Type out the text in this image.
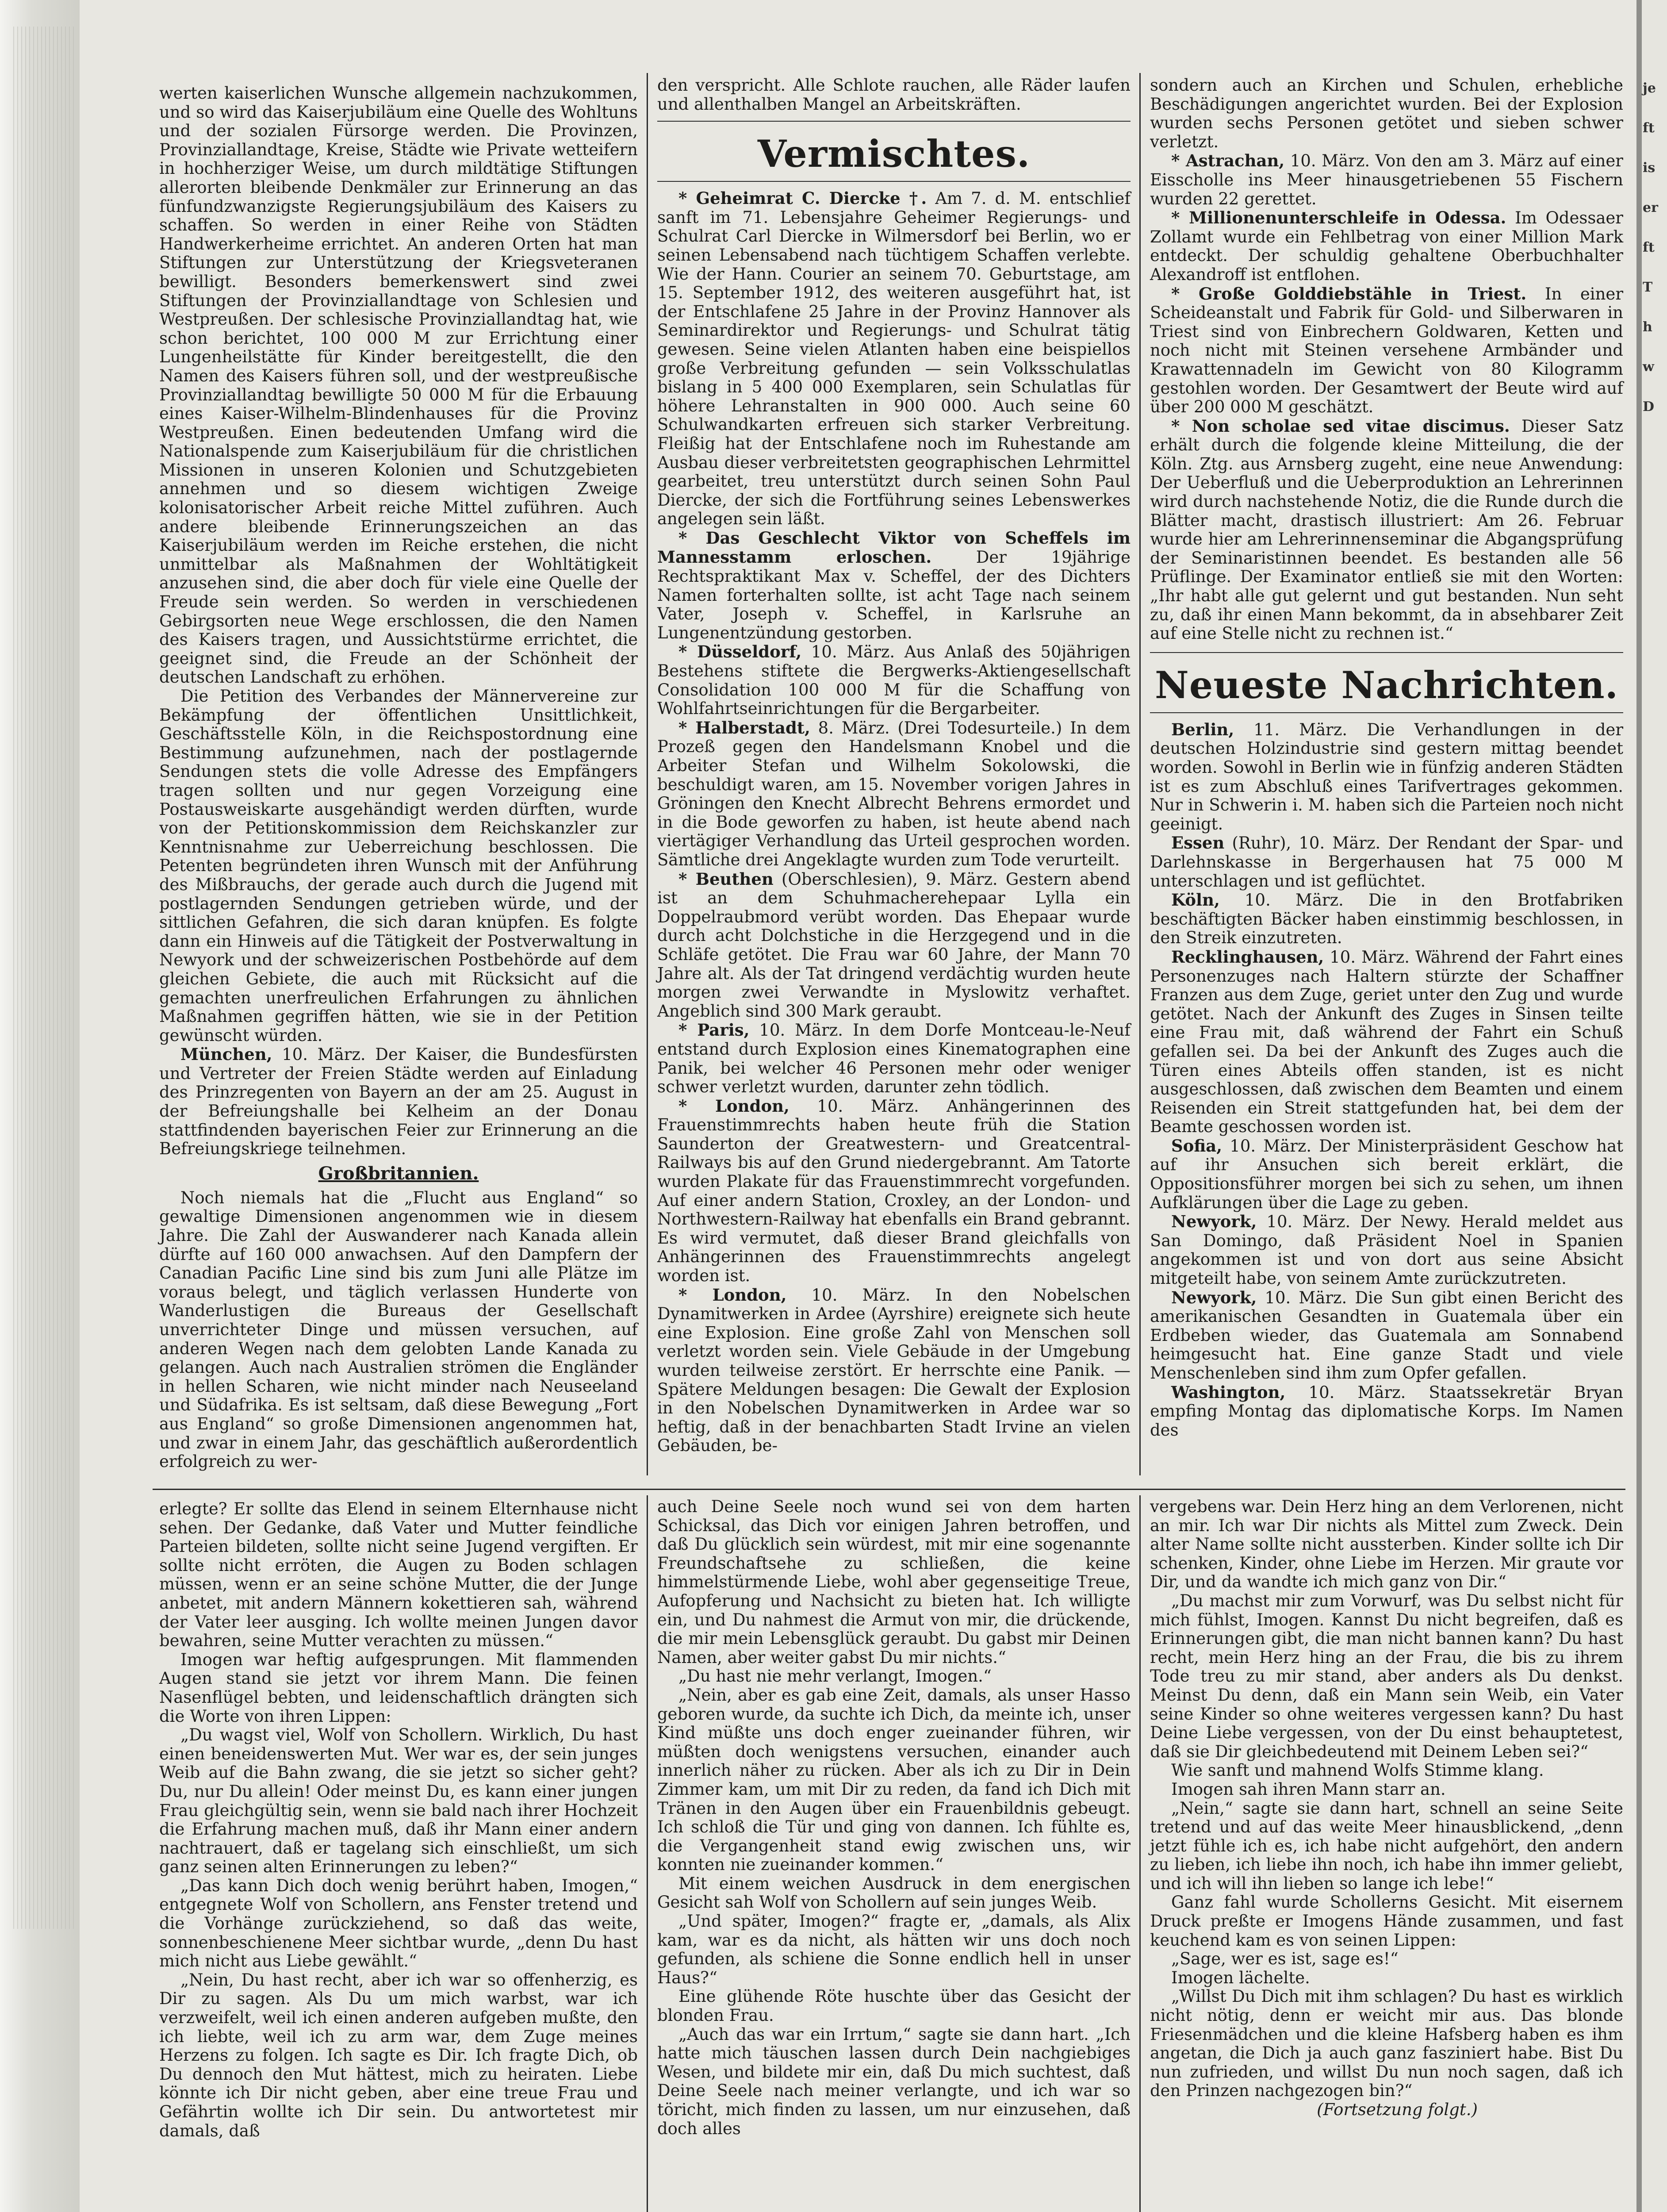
werten kaiserlichen Wunsche allgemein nachzukommen, und so wird das Kaiserjubiläum eine Quelle des Wohltuns und der sozialen Fürsorge werden. Die Provinzen, Provinziallandtage, Kreise, Städte wie Private wetteifern in hochherziger Weise, um durch mildtätige Stiftungen allerorten bleibende Denkmäler zur Erinnerung an das fünfundzwanzigste Regierungsjubiläum des Kaisers zu schaffen. So werden in einer Reihe von Städten Handwerkerheime errichtet. An anderen Orten hat man Stiftungen zur Unterstützung der Kriegsveteranen bewilligt. Besonders bemerkenswert sind zwei Stiftungen der Provinziallandtage von Schlesien und Westpreußen. Der schlesische Provinziallandtag hat, wie schon berichtet, 100 000 M zur Errichtung einer Lungenheilstätte für Kinder bereitgestellt, die den Namen des Kaisers führen soll, und der westpreußische Provinziallandtag bewilligte 50 000 M für die Erbauung eines Kaiser-Wilhelm-Blindenhauses für die Provinz Westpreußen. Einen bedeutenden Umfang wird die Nationalspende zum Kaiserjubiläum für die christlichen Missionen in unseren Kolonien und Schutzgebieten annehmen und so diesem wichtigen Zweige kolonisatorischer Arbeit reiche Mittel zuführen. Auch andere bleibende Erinnerungszeichen an das Kaiserjubiläum werden im Reiche erstehen, die nicht unmittelbar als Maßnahmen der Wohltätigkeit anzusehen sind, die aber doch für viele eine Quelle der Freude sein werden. So werden in verschiedenen Gebirgsorten neue Wege erschlossen, die den Namen des Kaisers tragen, und Aussichtstürme errichtet, die geeignet sind, die Freude an der Schönheit der deutschen Landschaft zu erhöhen.

Die Petition des Verbandes der Männervereine zur Bekämpfung der öffentlichen Unsittlichkeit, Geschäftsstelle Köln, in die Reichspostordnung eine Bestimmung aufzunehmen, nach der postlagernde Sendungen stets die volle Adresse des Empfängers tragen sollten und nur gegen Vorzeigung eine Postausweiskarte ausgehändigt werden dürften, wurde von der Petitionskommission dem Reichskanzler zur Kenntnisnahme zur Ueberreichung beschlossen. Die Petenten begründeten ihren Wunsch mit der Anführung des Mißbrauchs, der gerade auch durch die Jugend mit postlagernden Sendungen getrieben würde, und der sittlichen Gefahren, die sich daran knüpfen. Es folgte dann ein Hinweis auf die Tätigkeit der Postverwaltung in Newyork und der schweizerischen Postbehörde auf dem gleichen Gebiete, die auch mit Rücksicht auf die gemachten unerfreulichen Erfahrungen zu ähnlichen Maßnahmen gegriffen hätten, wie sie in der Petition gewünscht würden.

München, 10. März. Der Kaiser, die Bundesfürsten und Vertreter der Freien Städte werden auf Einladung des Prinzregenten von Bayern an der am 25. August in der Befreiungshalle bei Kelheim an der Donau stattfindenden bayerischen Feier zur Erinnerung an die Befreiungskriege teilnehmen.

Großbritannien.

Noch niemals hat die „Flucht aus England“ so gewaltige Dimensionen angenommen wie in diesem Jahre. Die Zahl der Auswanderer nach Kanada allein dürfte auf 160 000 anwachsen. Auf den Dampfern der Canadian Pacific Line sind bis zum Juni alle Plätze im voraus belegt, und täglich verlassen Hunderte von Wanderlustigen die Bureaus der Gesellschaft unverrichteter Dinge und müssen versuchen, auf anderen Wegen nach dem gelobten Lande Kanada zu gelangen. Auch nach Australien strömen die Engländer in hellen Scharen, wie nicht minder nach Neuseeland und Südafrika. Es ist seltsam, daß diese Bewegung „Fort aus England“ so große Dimensionen angenommen hat, und zwar in einem Jahr, das geschäftlich außerordentlich erfolgreich zu wer-

den verspricht. Alle Schlote rauchen, alle Räder laufen und allenthalben Mangel an Arbeitskräften.

Vermischtes.

* Geheimrat C. Diercke †. Am 7. d. M. entschlief sanft im 71. Lebensjahre Geheimer Regierungs- und Schulrat Carl Diercke in Wilmersdorf bei Berlin, wo er seinen Lebensabend nach tüchtigem Schaffen verlebte. Wie der Hann. Courier an seinem 70. Geburtstage, am 15. September 1912, des weiteren ausgeführt hat, ist der Entschlafene 25 Jahre in der Provinz Hannover als Seminardirektor und Regierungs- und Schulrat tätig gewesen. Seine vielen Atlanten haben eine beispiellos große Verbreitung gefunden — sein Volksschulatlas bislang in 5 400 000 Exemplaren, sein Schulatlas für höhere Lehranstalten in 900 000. Auch seine 60 Schulwandkarten erfreuen sich starker Verbreitung. Fleißig hat der Entschlafene noch im Ruhestande am Ausbau dieser verbreitetsten geographischen Lehrmittel gearbeitet, treu unterstützt durch seinen Sohn Paul Diercke, der sich die Fortführung seines Lebenswerkes angelegen sein läßt.

* Das Geschlecht Viktor von Scheffels im Mannesstamm erloschen.	Der 19jährige Rechtspraktikant Max v. Scheffel, der des Dichters Namen forterhalten sollte, ist acht Tage nach seinem Vater, Joseph v. Scheffel, in Karlsruhe an Lungenentzündung gestorben.

* Düsseldorf, 10. März. Aus Anlaß des 50jährigen Bestehens stiftete die Bergwerks-Aktiengesellschaft Consolidation 100 000 M für die Schaffung von Wohlfahrtseinrichtungen für die Bergarbeiter.

* Halberstadt, 8. März. (Drei Todesurteile.) In dem Prozeß gegen den Handelsmann Knobel und die Arbeiter Stefan und Wilhelm Sokolowski, die beschuldigt waren, am 15. November vorigen Jahres in Gröningen den Knecht Albrecht Behrens ermordet und in die Bode geworfen zu haben, ist heute abend nach viertägiger Verhandlung das Urteil gesprochen worden. Sämtliche drei Angeklagte wurden zum Tode verurteilt.

* Beuthen (Oberschlesien), 9. März. Gestern abend ist an dem Schuhmacherehepaar Lylla ein Doppelraubmord verübt worden. Das Ehepaar wurde durch acht Dolchstiche in die Herzgegend und in die Schläfe getötet. Die Frau war 60 Jahre, der Mann 70 Jahre alt. Als der Tat dringend verdächtig wurden heute morgen zwei Verwandte in Myslowitz verhaftet. Angeblich sind 300 Mark geraubt.

* Paris, 10. März. In dem Dorfe Montceau-le-Neuf entstand durch Explosion eines Kinematographen eine Panik, bei welcher 46 Personen mehr oder weniger schwer verletzt wurden, darunter zehn tödlich.

* London, 10. März. Anhängerinnen des Frauenstimmrechts haben heute früh die Station Saunderton der Greatwestern- und Greatcentral-Railways bis auf den Grund niedergebrannt. Am Tatorte wurden Plakate für das Frauenstimmrecht vorgefunden. Auf einer andern Station, Croxley, an der London- und Northwestern-Railway hat ebenfalls ein Brand gebrannt. Es wird vermutet, daß dieser Brand gleichfalls von Anhängerinnen des Frauenstimmrechts angelegt worden ist.

* London, 10. März. In den Nobelschen Dynamitwerken in Ardee (Ayrshire) ereignete sich heute eine Explosion. Eine große Zahl von Menschen soll verletzt worden sein. Viele Gebäude in der Umgebung wurden teilweise zerstört. Er herrschte eine Panik. — Spätere Meldungen besagen: Die Gewalt der Explosion in den Nobelschen Dynamitwerken in Ardee war so heftig, daß in der benachbarten Stadt Irvine an vielen Gebäuden, be-

sondern auch an Kirchen und Schulen, erhebliche Beschädigungen angerichtet wurden. Bei der Explosion wurden sechs Personen getötet und sieben schwer verletzt.

* Astrachan, 10. März. Von den am 3. März auf einer Eisscholle ins Meer hinausgetriebenen 55 Fischern wurden 22 gerettet.

* Millionenunterschleife in Odessa. Im Odessaer Zollamt wurde ein Fehlbetrag von einer Million Mark entdeckt. Der schuldig gehaltene Oberbuchhalter Alexandroff ist entflohen.

* Große Golddiebstähle in Triest. In einer Scheideanstalt und Fabrik für Gold- und Silberwaren in Triest sind von Einbrechern Goldwaren, Ketten und noch nicht mit Steinen versehene Armbänder und Krawattennadeln im Gewicht von 80 Kilogramm gestohlen worden. Der Gesamtwert der Beute wird auf über 200 000 M geschätzt.

* Non scholae sed vitae discimus. Dieser Satz erhält durch die folgende kleine Mitteilung, die der Köln. Ztg. aus Arnsberg zugeht, eine neue Anwendung: Der Ueberfluß und die Ueberproduktion an Lehrerinnen wird durch nachstehende Notiz, die die Runde durch die Blätter macht, drastisch illustriert: Am 26. Februar wurde hier am Lehrerinnenseminar die Abgangsprüfung der Seminaristinnen beendet. Es bestanden alle 56 Prüflinge. Der Examinator entließ sie mit den Worten: „Ihr habt alle gut gelernt und gut bestanden. Nun seht zu, daß ihr einen Mann bekommt, da in absehbarer Zeit auf eine Stelle nicht zu rechnen ist.“

Neueste Nachrichten.

Berlin, 11. März. Die Verhandlungen in der deutschen Holzindustrie sind gestern mittag beendet worden. Sowohl in Berlin wie in fünfzig anderen Städten ist es zum Abschluß eines Tarifvertrages gekommen. Nur in Schwerin i. M. haben sich die Parteien noch nicht geeinigt.

Essen (Ruhr), 10. März. Der Rendant der Spar- und Darlehnskasse in Bergerhausen hat 75 000 M unterschlagen und ist geflüchtet.

Köln, 10. März. Die in den Brotfabriken beschäftigten Bäcker haben einstimmig beschlossen, in den Streik einzutreten.

Recklinghausen, 10. März. Während der Fahrt eines Personenzuges nach Haltern stürzte der Schaffner Franzen aus dem Zuge, geriet unter den Zug und wurde getötet. Nach der Ankunft des Zuges in Sinsen teilte eine Frau mit, daß während der Fahrt ein Schuß gefallen sei. Da bei der Ankunft des Zuges auch die Türen eines Abteils offen standen, ist es nicht ausgeschlossen, daß zwischen dem Beamten und einem Reisenden ein Streit stattgefunden hat, bei dem der Beamte geschossen worden ist.

Sofia, 10. März. Der Ministerpräsident Geschow hat auf ihr Ansuchen sich bereit erklärt, die Oppositionsführer morgen bei sich zu sehen, um ihnen Aufklärungen über die Lage zu geben.

Newyork, 10. März. Der Newy. Herald meldet aus San Domingo, daß Präsident Noel in Spanien angekommen ist und von dort aus seine Absicht mitgeteilt habe, von seinem Amte zurückzutreten.

Newyork, 10. März. Die Sun gibt einen Bericht des amerikanischen Gesandten in Guatemala über ein Erdbeben wieder, das Guatemala am Sonnabend heimgesucht hat. Eine ganze Stadt und viele Menschenleben sind ihm zum Opfer gefallen.

Washington, 10. März. Staatssekretär Bryan empfing Montag das diplomatische Korps. Im Namen des

erlegte? Er sollte das Elend in seinem Elternhause nicht sehen. Der Gedanke, daß Vater und Mutter feindliche Parteien bildeten, sollte nicht seine Jugend vergiften. Er sollte nicht erröten, die Augen zu Boden schlagen müssen, wenn er an seine schöne Mutter, die der Junge anbetet, mit andern Männern kokettieren sah, während der Vater leer ausging. Ich wollte meinen Jungen davor bewahren, seine Mutter verachten zu müssen.“

Imogen war heftig aufgesprungen. Mit flammenden Augen stand sie jetzt vor ihrem Mann. Die feinen Nasenflügel bebten, und leidenschaftlich drängten sich die Worte von ihren Lippen:

„Du wagst viel, Wolf von Schollern. Wirklich, Du hast einen beneidenswerten Mut. Wer war es, der sein junges Weib auf die Bahn zwang, die sie jetzt so sicher geht? Du, nur Du allein! Oder meinst Du, es kann einer jungen Frau gleichgültig sein, wenn sie bald nach ihrer Hochzeit die Erfahrung machen muß, daß ihr Mann einer andern nachtrauert, daß er tagelang sich einschließt, um sich ganz seinen alten Erinnerungen zu leben?“

„Das kann Dich doch wenig berührt haben, Imogen,“ entgegnete Wolf von Schollern, ans Fenster tretend und die Vorhänge zurückziehend, so daß das weite, sonnenbeschienene Meer sichtbar wurde, „denn Du hast mich nicht aus Liebe gewählt.“

„Nein, Du hast recht, aber ich war so offenherzig, es Dir zu sagen. Als Du um mich warbst, war ich verzweifelt, weil ich einen anderen aufgeben mußte, den ich liebte, weil ich zu arm war, dem Zuge meines Herzens zu folgen. Ich sagte es Dir. Ich fragte Dich, ob Du dennoch den Mut hättest, mich zu heiraten. Liebe könnte ich Dir nicht geben, aber eine treue Frau und Gefährtin wollte ich Dir sein. Du antwortetest mir damals, daß

auch Deine Seele noch wund sei von dem harten Schicksal, das Dich vor einigen Jahren betroffen, und daß Du glücklich sein würdest, mit mir eine sogenannte Freundschaftsehe zu schließen, die keine himmelstürmende Liebe, wohl aber gegenseitige Treue, Aufopferung und Nachsicht zu bieten hat. Ich willigte ein, und Du nahmest die Armut von mir, die drückende, die mir mein Lebensglück geraubt. Du gabst mir Deinen Namen, aber weiter gabst Du mir nichts.“

„Du hast nie mehr verlangt, Imogen.“

„Nein, aber es gab eine Zeit, damals, als unser Hasso geboren wurde, da suchte ich Dich, da meinte ich, unser Kind müßte uns doch enger zueinander führen, wir müßten doch wenigstens versuchen, einander auch innerlich näher zu rücken. Aber als ich zu Dir in Dein Zimmer kam, um mit Dir zu reden, da fand ich Dich mit Tränen in den Augen über ein Frauenbildnis gebeugt. Ich schloß die Tür und ging von dannen. Ich fühlte es, die Vergangenheit stand ewig zwischen uns, wir konnten nie zueinander kommen.“

Mit einem weichen Ausdruck in dem energischen Gesicht sah Wolf von Schollern auf sein junges Weib.

„Und später, Imogen?“ fragte er, „damals, als Alix kam, war es da nicht, als hätten wir uns doch noch gefunden, als schiene die Sonne endlich hell in unser Haus?“

Eine glühende Röte huschte über das Gesicht der blonden Frau.

„Auch das war ein Irrtum,“ sagte sie dann hart. „Ich hatte mich täuschen lassen durch Dein nachgiebiges Wesen, und bildete mir ein, daß Du mich suchtest, daß Deine Seele nach meiner verlangte, und ich war so töricht, mich finden zu lassen, um nur einzusehen, daß doch alles

vergebens war. Dein Herz hing an dem Verlorenen, nicht an mir. Ich war Dir nichts als Mittel zum Zweck. Dein alter Name sollte nicht aussterben. Kinder sollte ich Dir schenken, Kinder, ohne Liebe im Herzen. Mir graute vor Dir, und da wandte ich mich ganz von Dir.“

„Du machst mir zum Vorwurf, was Du selbst nicht für mich fühlst, Imogen. Kannst Du nicht begreifen, daß es Erinnerungen gibt, die man nicht bannen kann? Du hast recht, mein Herz hing an der Frau, die bis zu ihrem Tode treu zu mir stand, aber anders als Du denkst. Meinst Du denn, daß ein Mann sein Weib, ein Vater seine Kinder so ohne weiteres vergessen kann? Du hast Deine Liebe vergessen, von der Du einst behauptetest, daß sie Dir gleichbedeutend mit Deinem Leben sei?“

Wie sanft und mahnend Wolfs Stimme klang.

Imogen sah ihren Mann starr an.

„Nein,“ sagte sie dann hart, schnell an seine Seite tretend und auf das weite Meer hinausblickend, „denn jetzt fühle ich es, ich habe nicht aufgehört, den andern zu lieben, ich liebe ihn noch, ich habe ihn immer geliebt, und ich will ihn lieben so lange ich lebe!“

Ganz fahl wurde Schollerns Gesicht. Mit eisernem Druck preßte er Imogens Hände zusammen, und fast keuchend kam es von seinen Lippen:

„Sage, wer es ist, sage es!“

Imogen lächelte.

„Willst Du Dich mit ihm schlagen? Du hast es wirklich nicht nötig, denn er weicht mir aus. Das blonde Friesenmädchen und die kleine Hafsberg haben es ihm angetan, die Dich ja auch ganz fasziniert habe. Bist Du nun zufrieden, und willst Du nun noch sagen, daß ich den Prinzen nachgezogen bin?“

(Fortsetzung folgt.)

je
ft
is
er
ft
T
h
w
D
